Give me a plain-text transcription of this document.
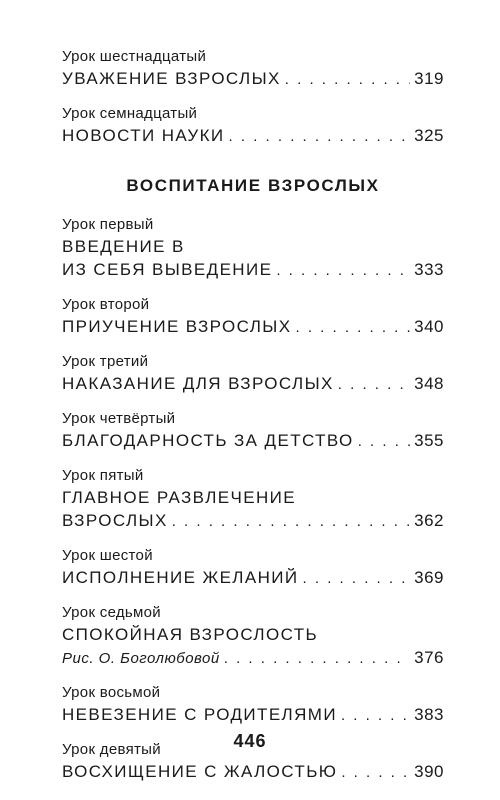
Урок шестнадцатый
УВАЖЕНИЕ ВЗРОСЛЫХ . . .	319
Урок семнадцатый
НОВОСТИ НАУКИ . . .	325
ВОСПИТАНИЕ ВЗРОСЛЫХ
Урок первый
ВВЕДЕНИЕ В
ИЗ СЕБЯ ВЫВЕДЕНИЕ . . .	333
Урок второй
ПРИУЧЕНИЕ ВЗРОСЛЫХ . . .	340
Урок третий
НАКАЗАНИЕ ДЛЯ ВЗРОСЛЫХ . . .	348
Урок четвёртый
БЛАГОДАРНОСТЬ ЗА ДЕТСТВО . . .	355
Урок пятый
ГЛАВНОЕ РАЗВЛЕЧЕНИЕ
ВЗРОСЛЫХ . . .	362
Урок шестой
ИСПОЛНЕНИЕ ЖЕЛАНИЙ . . .	369
Урок седьмой
СПОКОЙНАЯ ВЗРОСЛОСТЬ
Рис. О. Боголюбовой . . .	376
Урок восьмой
НЕВЕЗЕНИЕ С РОДИТЕЛЯМИ . . .	383
Урок девятый
ВОСХИЩЕНИЕ С ЖАЛОСТЬЮ . . .	390
446
